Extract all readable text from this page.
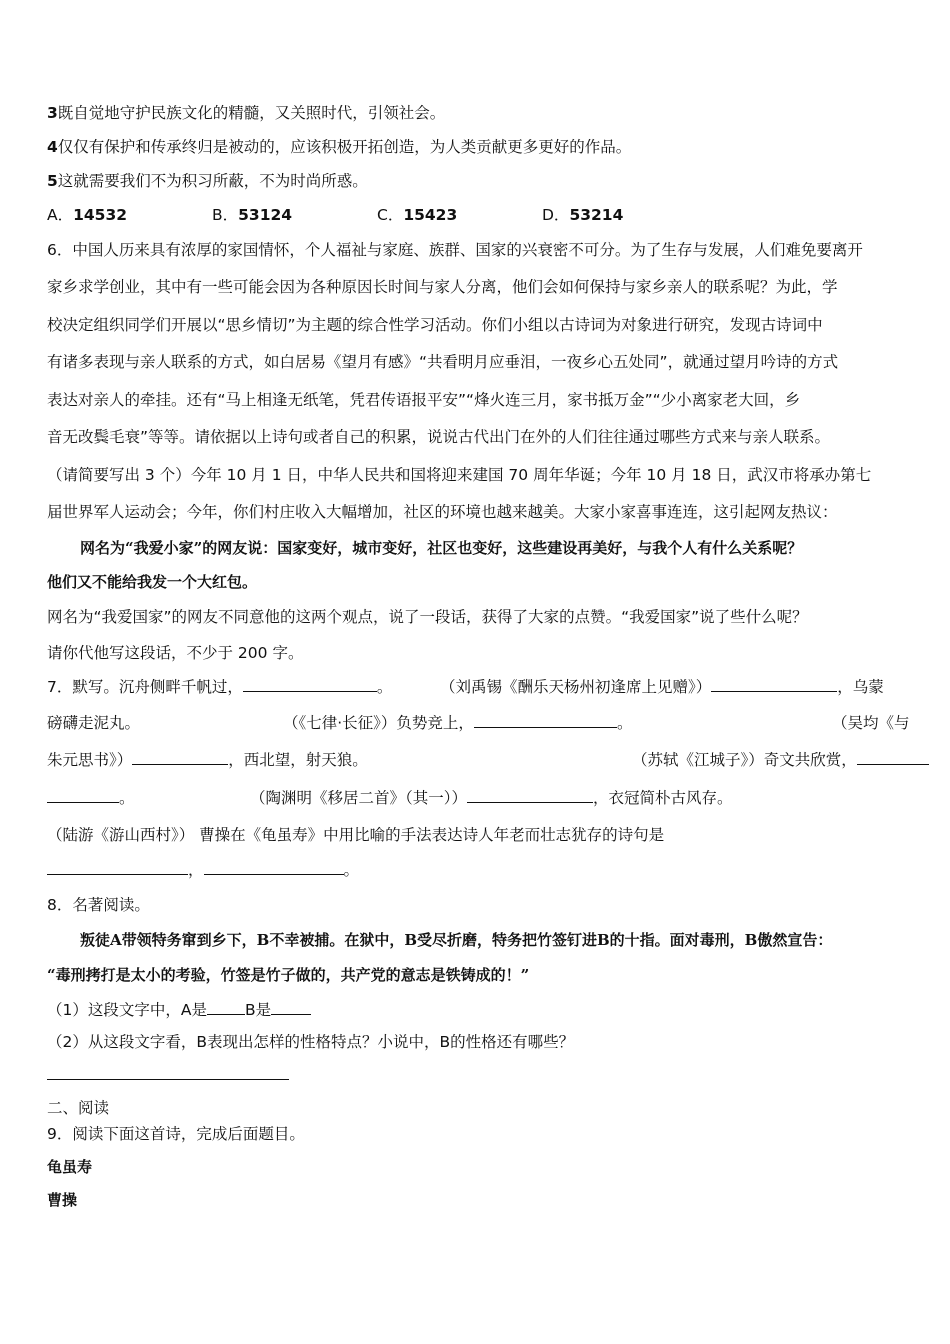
3既自觉地守护民族文化的精髓，又关照时代，引领社会。
4仅仅有保护和传承终归是被动的，应该积极开拓创造，为人类贡献更多更好的作品。
5这就需要我们不为积习所蔽，不为时尚所惑。
A．14532	B．53124	C．15423	D．53214
6．中国人历来具有浓厚的家国情怀，个人福祉与家庭、族群、国家的兴衰密不可分。为了生存与发展，人们难免要离开
家乡求学创业，其中有一些可能会因为各种原因长时间与家人分离，他们会如何保持与家乡亲人的联系呢？为此，学
校决定组织同学们开展以“思乡情切”为主题的综合性学习活动。你们小组以古诗词为对象进行研究，发现古诗词中
有诸多表现与亲人联系的方式，如白居易《望月有感》“共看明月应垂泪，一夜乡心五处同”，就通过望月吟诗的方式
表达对亲人的牵挂。还有“马上相逢无纸笔，凭君传语报平安”“烽火连三月，家书抵万金”“少小离家老大回，乡
音无改鬓毛衰”等等。请依据以上诗句或者自己的积累，说说古代出门在外的人们往往通过哪些方式来与亲人联系。
（请简要写出 3 个）今年 10 月 1 日，中华人民共和国将迎来建国 70 周年华诞；今年 10 月 18 日，武汉市将承办第七
届世界军人运动会；今年，你们村庄收入大幅增加，社区的环境也越来越美。大家小家喜事连连，这引起网友热议：
网名为“我爱小家”的网友说：国家变好，城市变好，社区也变好，这些建设再美好，与我个人有什么关系呢？
他们又不能给我发一个大红包。
网名为“我爱国家”的网友不同意他的这两个观点，说了一段话，获得了大家的点赞。“我爱国家”说了些什么呢？
请你代他写这段话，不少于 200 字。
7．默写。沉舟侧畔千帆过，	。	（刘禹锡《酬乐天杨州初逢席上见赠》）	，乌蒙
磅礴走泥丸。	（《七律·长征》）负势竞上，	。	（吴均《与
朱元思书》）	，西北望，射天狼。	（苏轼《江城子》）奇文共欣赏，
。	（陶渊明《移居二首》（其一））	，衣冠简朴古风存。
（陆游《游山西村》） 曹操在《龟虽寿》中用比喻的手法表达诗人年老而壮志犹存的诗句是
，	。
8．名著阅读。
叛徒A带领特务窜到乡下，B不幸被捕。在狱中，B受尽折磨，特务把竹签钉进B的十指。面对毒刑，B傲然宣告：
“毒刑拷打是太小的考验，竹签是竹子做的，共产党的意志是铁铸成的！”
（1）这段文字中，A是 B是
（2）从这段文字看，B表现出怎样的性格特点？小说中，B的性格还有哪些？
二、阅读
9．阅读下面这首诗，完成后面题目。
龟虽寿
曹操
